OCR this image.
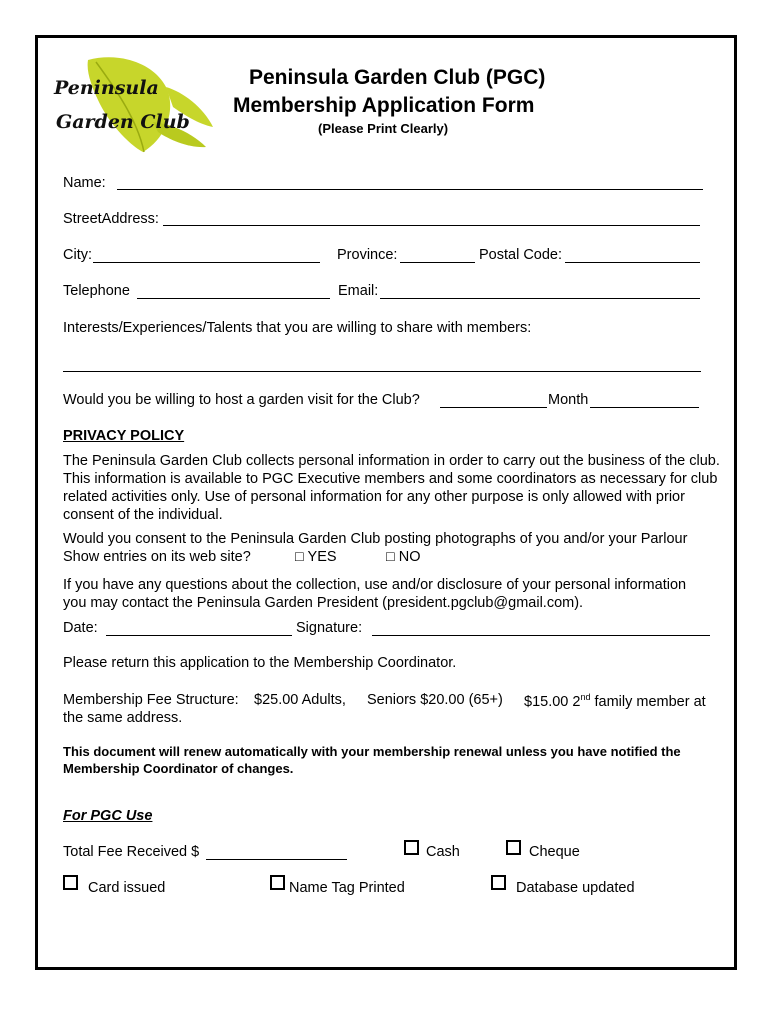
Peninsula
Garden Club
Peninsula Garden Club (PGC)
Membership Application Form
(Please Print Clearly)
Name:
StreetAddress:
City:	Province:	Postal Code:
Telephone	Email:
Interests/Experiences/Talents that you are willing to share with members:
Would you be willing to host a garden visit for the Club?	Month
PRIVACY POLICY
The Peninsula Garden Club collects personal information in order to carry out the business of the club. This information is available to PGC Executive members and some coordinators as necessary for club related activities only. Use of personal information for any other purpose is only allowed with prior consent of the individual.
Would you consent to the Peninsula Garden Club posting photographs of you and/or your Parlour
Show entries on its web site?	□ YES	□ NO
If you have any questions about the collection, use and/or disclosure of your personal information
you may contact the Peninsula Garden President (president.pgclub@gmail.com).
Date:	Signature:
Please return this application to the Membership Coordinator.
Membership Fee Structure: $25.00 Adults, Seniors $20.00 (65+) $15.00 2nd family member at
the same address.
This document will renew automatically with your membership renewal unless you have notified the Membership Coordinator of changes.
For PGC Use
Total Fee Received $	Cash	Cheque
Card issued	Name Tag Printed	Database updated
